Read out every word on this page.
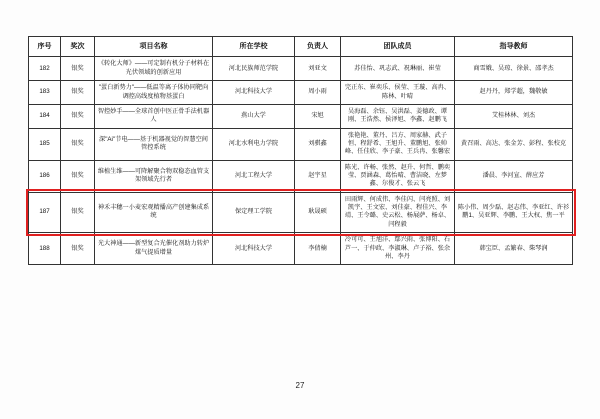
序号	奖次	项目名称	所在学校	负责人	团队成员	指导教师
182	银奖	《转化大师》——可定制有机分子材料在光伏领域的创新应用	河北民族师范学院	刘亚文	苏佳怡、巩志武、祝琳丽、崔莹	商雪娥、吴琼、徐景、邵孝杰
183	银奖	"蛋白新势力"——低温等离子体协同靶向调控高线度植物基蛋白	河北科技大学	周小雨	完正东、崔奕乐、侯莹、王璇、高冉、陈林、叶晴	赵丹丹，郑学超，魏敬敏
184	银奖	智控妙手——全球首创中医正骨手法机器人	燕山大学	宋旭	吴海磊、余钰、吴洪磊、姜德政、谭刚、王浩然、侯泽旭、李鑫、赵鹏飞	艾桂林林、刘杰
185	银奖	深"Ai"节电——基于机器视觉的智慧空间管控系统	河北水利电力学院	刘骐鑫	张艳艳、董丹、吕方、周家赫、武子恒、程舒希、王旭升、董鹏旭、张帅峰、任佳欣、李子豪、王兵冉、张馨宏	黄召雨、高达、张金芳、彭程、张校克
186	银奖	维植生维——可降解聚合物双稳态血管支架领域先行者	河北工程大学	赵宇星	陈光、许畅、张然、赵升、何哲、鹏奕莹、贾涵森、葛怡晴、曹洁晓、左梦鑫、尔俊才、张云飞	潘晨、李河宣、薛应芳
187	银奖	神禾丰穗一小麦宏观精播高产创建集成系统	保定理工学院	耿晟硕	田雨辉、何成伟、李佳闪、闫亮照、刘凯宇、王文宏、刘佳豪、程佳兴、李靖、王令璐、史云松、杨展萨、杨卓、闫程毅	陈小伟、周少磊、赵志伟、李亚红、许衫鹏1、吴亚辉、李鹏、王大权、焦一平
188	银奖	光大神通——新型复合光催化剂助力转炉煤气提质增量	河北科技大学	李倩楠	冷可可、王旭洋、鄢兴雨、张博阳、石芦一、于仲政、李淑琳、卢子裕、张余州、李丹	韩宝臣、孟繁春、柴琴润
27
